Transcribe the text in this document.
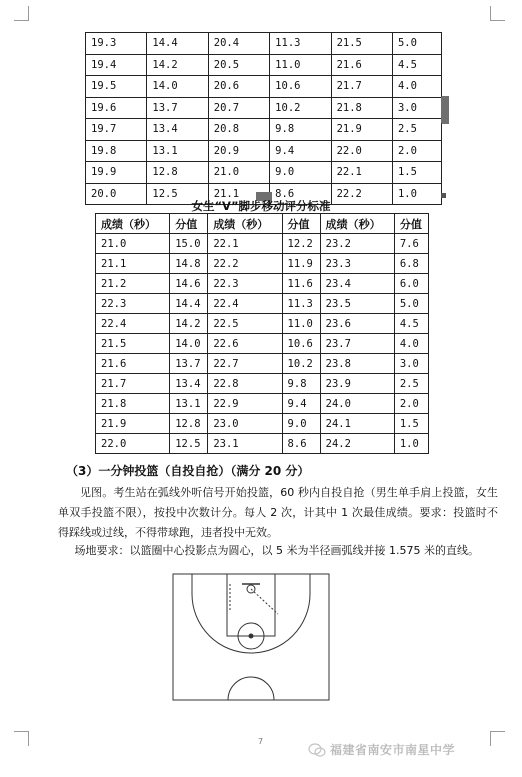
19.3	14.4	20.4	11.3	21.5	5.0
19.4	14.2	20.5	11.0	21.6	4.5
19.5	14.0	20.6	10.6	21.7	4.0
19.6	13.7	20.7	10.2	21.8	3.0
19.7	13.4	20.8	9.8	21.9	2.5
19.8	13.1	20.9	9.4	22.0	2.0
19.9	12.8	21.0	9.0	22.1	1.5
20.0	12.5	21.1	8.6	22.2	1.0
女生“Ⅴ”脚步移动评分标准
成绩（秒）	分值	成绩（秒）	分值	成绩（秒）	分值
21.0	15.0	22.1	12.2	23.2	7.6
21.1	14.8	22.2	11.9	23.3	6.8
21.2	14.6	22.3	11.6	23.4	6.0
22.3	14.4	22.4	11.3	23.5	5.0
22.4	14.2	22.5	11.0	23.6	4.5
21.5	14.0	22.6	10.6	23.7	4.0
21.6	13.7	22.7	10.2	23.8	3.0
21.7	13.4	22.8	9.8	23.9	2.5
21.8	13.1	22.9	9.4	24.0	2.0
21.9	12.8	23.0	9.0	24.1	1.5
22.0	12.5	23.1	8.6	24.2	1.0
（3）一分钟投篮（自投自抢）（满分 20 分）
见图。考生站在弧线外听信号开始投篮，60 秒内自投自抢（男生单手肩上投篮，女生单双手投篮不限），按投中次数计分。每人 2 次，计其中 1 次最佳成绩。要求：投篮时不得踩线或过线，不得带球跑，违者投中无效。
场地要求：以篮圈中心投影点为圆心，以 5 米为半径画弧线并接 1.575 米的直线。
7
福建省南安市南星中学
